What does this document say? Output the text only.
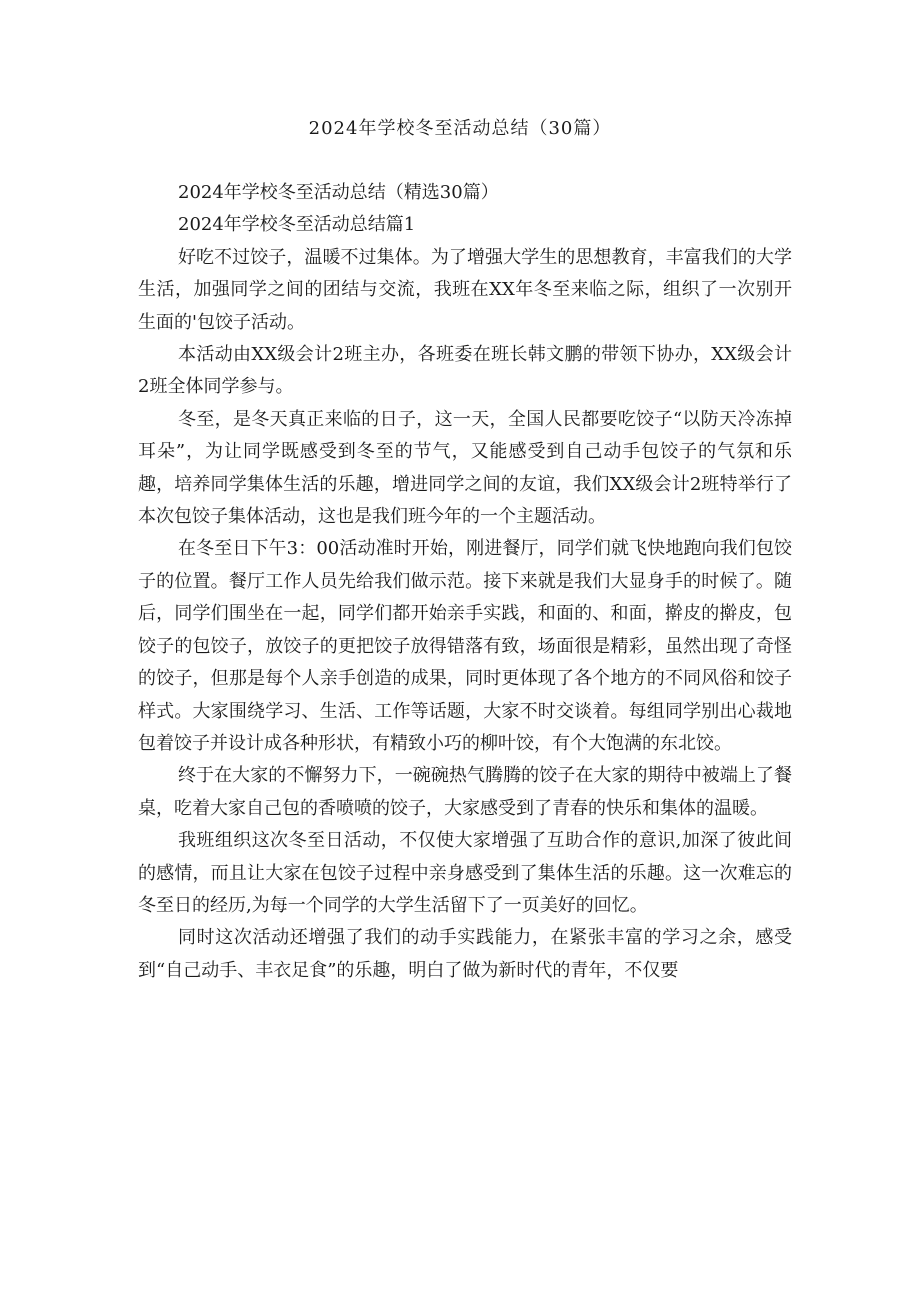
2024年学校冬至活动总结（30篇）

2024年学校冬至活动总结（精选30篇）

2024年学校冬至活动总结篇1

好吃不过饺子，温暖不过集体。为了增强大学生的思想教育，丰富我们的大学生活，加强同学之间的团结与交流，我班在XX年冬至来临之际，组织了一次别开生面的'包饺子活动。

本活动由XX级会计2班主办，各班委在班长韩文鹏的带领下协办，XX级会计2班全体同学参与。

冬至，是冬天真正来临的日子，这一天，全国人民都要吃饺子“以防天冷冻掉耳朵”，为让同学既感受到冬至的节气，又能感受到自己动手包饺子的气氛和乐趣，培养同学集体生活的乐趣，增进同学之间的友谊，我们XX级会计2班特举行了本次包饺子集体活动，这也是我们班今年的一个主题活动。

在冬至日下午3：00活动准时开始，刚进餐厅，同学们就飞快地跑向我们包饺子的位置。餐厅工作人员先给我们做示范。接下来就是我们大显身手的时候了。随后，同学们围坐在一起，同学们都开始亲手实践，和面的、和面，擀皮的擀皮，包饺子的包饺子，放饺子的更把饺子放得错落有致，场面很是精彩，虽然出现了奇怪的饺子，但那是每个人亲手创造的成果，同时更体现了各个地方的不同风俗和饺子样式。大家围绕学习、生活、工作等话题，大家不时交谈着。每组同学别出心裁地包着饺子并设计成各种形状，有精致小巧的柳叶饺，有个大饱满的东北饺。

终于在大家的不懈努力下，一碗碗热气腾腾的饺子在大家的期待中被端上了餐桌，吃着大家自己包的香喷喷的饺子，大家感受到了青春的快乐和集体的温暖。

我班组织这次冬至日活动，不仅使大家增强了互助合作的意识,加深了彼此间的感情，而且让大家在包饺子过程中亲身感受到了集体生活的乐趣。这一次难忘的冬至日的经历,为每一个同学的大学生活留下了一页美好的回忆。

同时这次活动还增强了我们的动手实践能力，在紧张丰富的学习之余，感受到“自己动手、丰衣足食”的乐趣，明白了做为新时代的青年，不仅要
